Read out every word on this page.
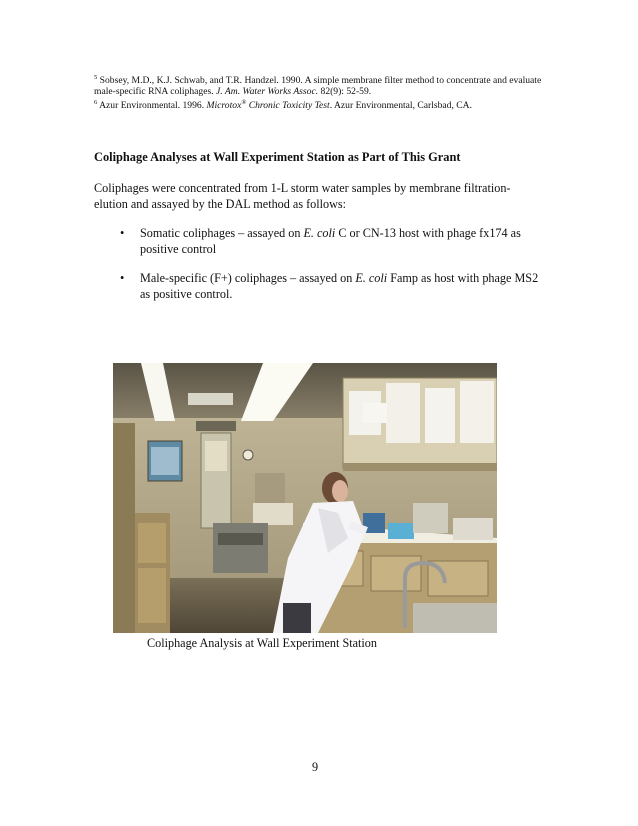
$^5$ Sobsey, M.D., K.J. Schwab, and T.R. Handzel. 1990. A simple membrane filter method to concentrate and evaluate male-specific RNA coliphages. J. Am. Water Works Assoc. 82(9): 52-59.
$^6$ Azur Environmental. 1996. Microtox® Chronic Toxicity Test. Azur Environmental, Carlsbad, CA.
Coliphage Analyses at Wall Experiment Station as Part of This Grant
Coliphages were concentrated from 1-L storm water samples by membrane filtration-elution and assayed by the DAL method as follows:
• Somatic coliphages – assayed on E. coli C or CN-13 host with phage fx174 as positive control
• Male-specific (F+) coliphages – assayed on E. coli Famp as host with phage MS2 as positive control.
Coliphage Analysis at Wall Experiment Station
9
